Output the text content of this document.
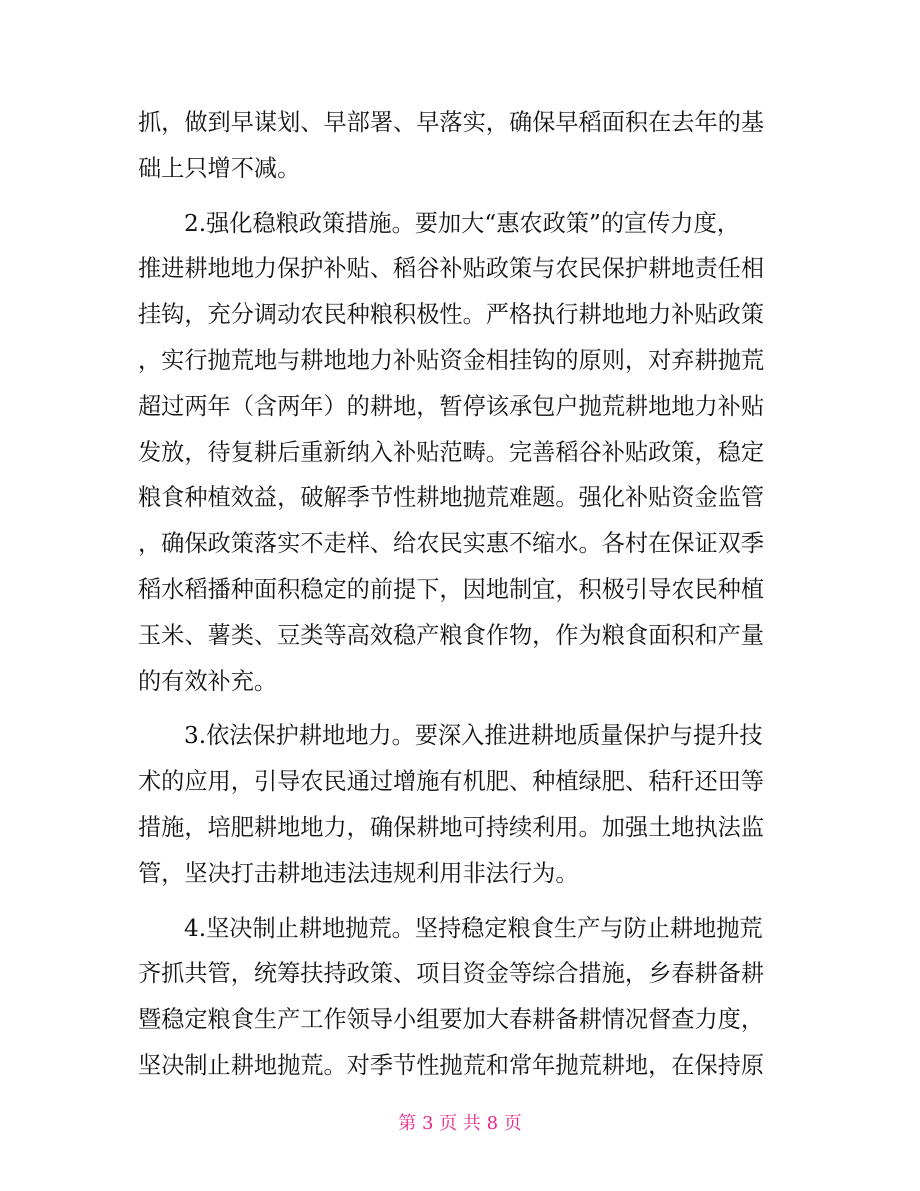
抓，做到早谋划、早部署、早落实，确保早稻面积在去年的基
础上只增不减。

2.强化稳粮政策措施。要加大“惠农政策”的宣传力度，
推进耕地地力保护补贴、稻谷补贴政策与农民保护耕地责任相
挂钩，充分调动农民种粮积极性。严格执行耕地地力补贴政策
，实行抛荒地与耕地地力补贴资金相挂钩的原则，对弃耕抛荒
超过两年（含两年）的耕地，暂停该承包户抛荒耕地地力补贴
发放，待复耕后重新纳入补贴范畴。完善稻谷补贴政策，稳定
粮食种植效益，破解季节性耕地抛荒难题。强化补贴资金监管
，确保政策落实不走样、给农民实惠不缩水。各村在保证双季
稻水稻播种面积稳定的前提下，因地制宜，积极引导农民种植
玉米、薯类、豆类等高效稳产粮食作物，作为粮食面积和产量
的有效补充。

3.依法保护耕地地力。要深入推进耕地质量保护与提升技
术的应用，引导农民通过增施有机肥、种植绿肥、秸秆还田等
措施，培肥耕地地力，确保耕地可持续利用。加强土地执法监
管，坚决打击耕地违法违规利用非法行为。

4.坚决制止耕地抛荒。坚持稳定粮食生产与防止耕地抛荒
齐抓共管，统筹扶持政策、项目资金等综合措施，乡春耕备耕
暨稳定粮食生产工作领导小组要加大春耕备耕情况督查力度，
坚决制止耕地抛荒。对季节性抛荒和常年抛荒耕地，在保持原

第 3 页 共 8 页
